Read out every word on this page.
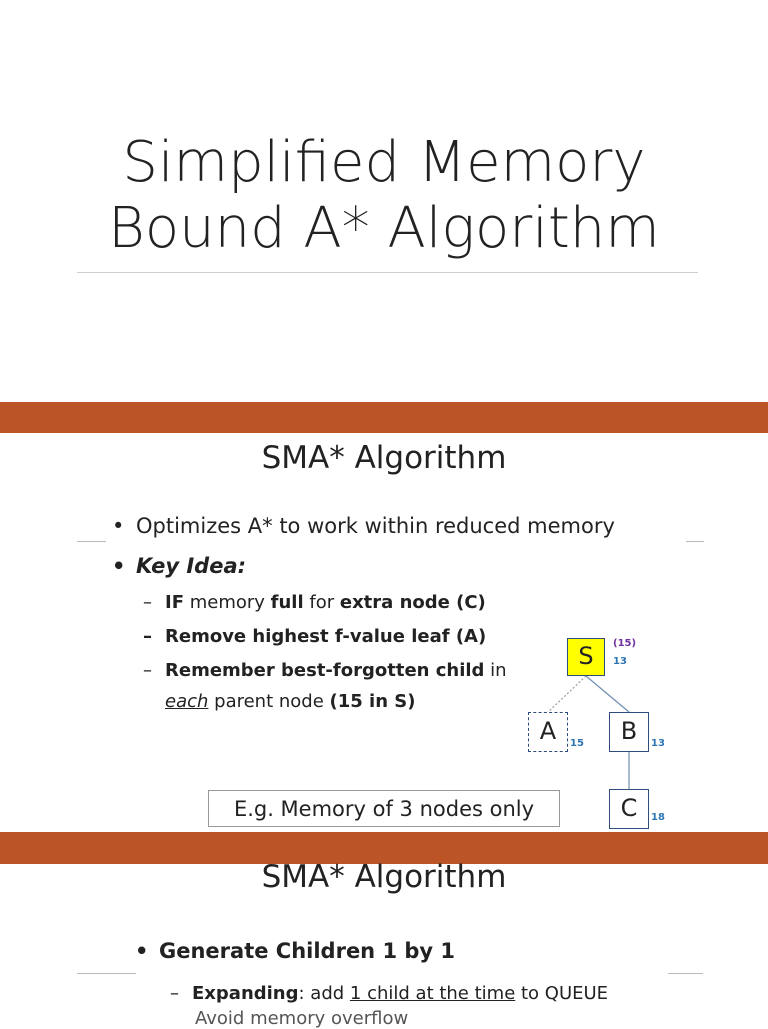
Simplified Memory
Bound A* Algorithm
SMA* Algorithm
• Optimizes A* to work within reduced memory
• Key Idea:
– IF memory full for extra node (C)
– Remove highest f-value leaf (A)
– Remember best-forgotten child in
each parent node (15 in S)
E.g. Memory of 3 nodes only
S	(15)
13
A	15	B	13
C	18
SMA* Algorithm
• Generate Children 1 by 1
– Expanding: add 1 child at the time to QUEUE
Avoid memory overflow
